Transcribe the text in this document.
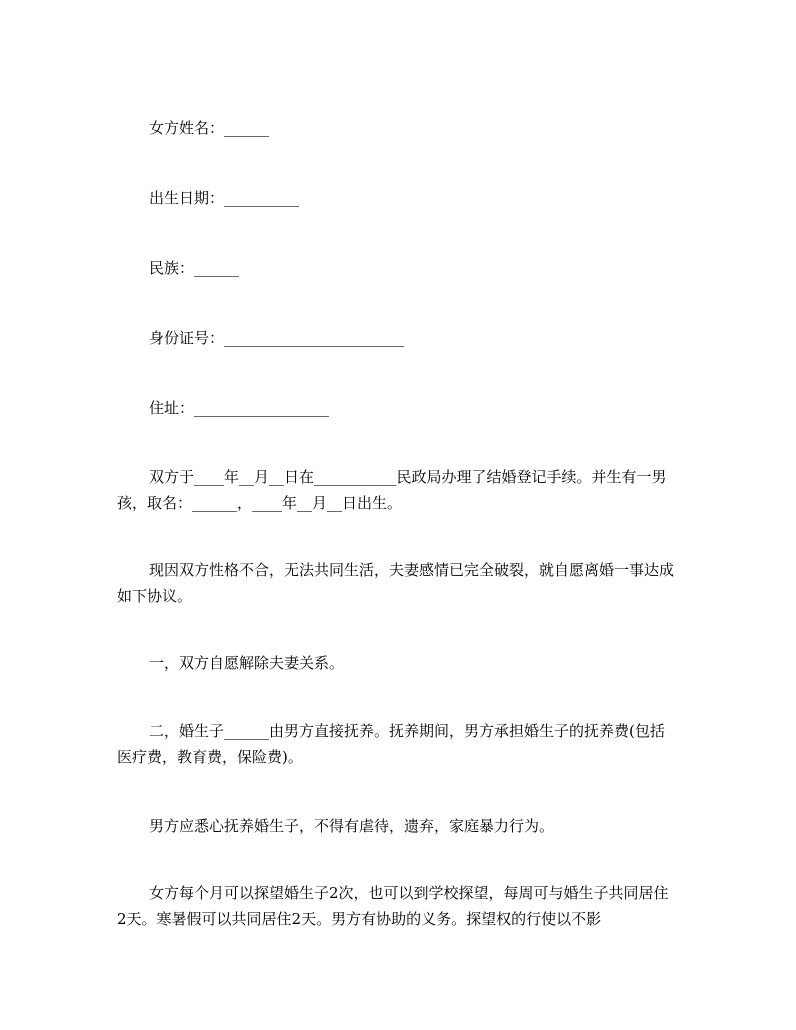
女方姓名：______
出生日期：__________
民族：______
身份证号：________________________
住址：__________________
双方于____年__月__日在___________民政局办理了结婚登记手续。并生有一男孩，取名：______，____年__月__日出生。
现因双方性格不合，无法共同生活，夫妻感情已完全破裂，就自愿离婚一事达成如下协议。
一，双方自愿解除夫妻关系。
二，婚生子______由男方直接抚养。抚养期间，男方承担婚生子的抚养费(包括医疗费，教育费，保险费)。
男方应悉心抚养婚生子，不得有虐待，遗弃，家庭暴力行为。
女方每个月可以探望婚生子2次，也可以到学校探望，每周可与婚生子共同居住2天。寒暑假可以共同居住2天。男方有协助的义务。探望权的行使以不影
